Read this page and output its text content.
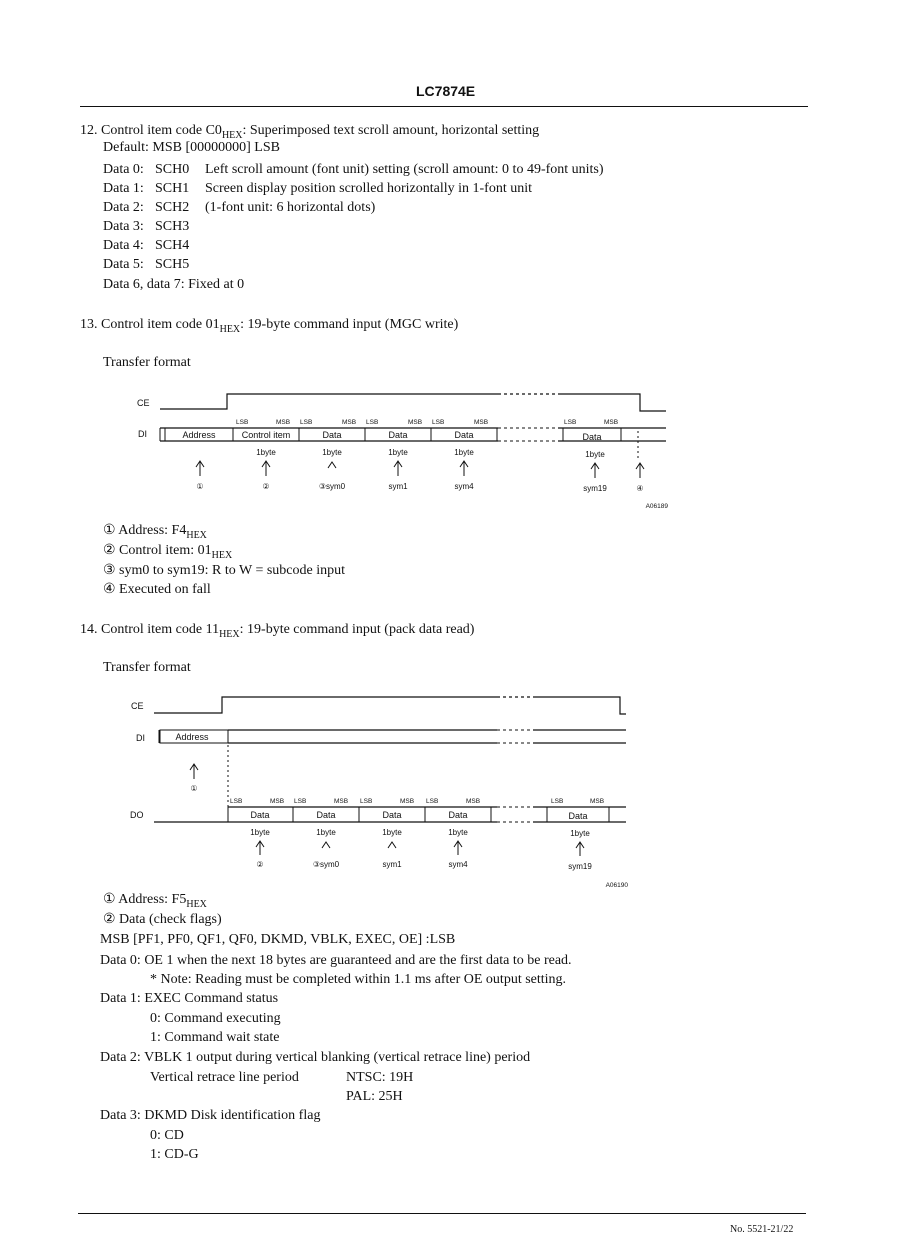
LC7874E
12. Control item code $C0_{HEX}$: Superimposed text scroll amount, horizontal setting
Default: MSB [00000000] LSB
Data 0: SCH0 Left scroll amount (font unit) setting (scroll amount: 0 to 49-font units)
Data 1: SCH1 Screen display position scrolled horizontally in 1-font unit
Data 2: SCH2 (1-font unit: 6 horizontal dots)
Data 3: SCH3
Data 4: SCH4
Data 5: SCH5
Data 6, data 7: Fixed at 0
13. Control item code $01_{HEX}$: 19-byte command input (MGC write)
Transfer format
CE
LSB	MSB LSB	MSB LSB	MSB LSB	MSB	LSB	MSB
DI	Address	Control item	Data	Data	Data	Data
1byte	1byte	1byte	1byte	1byte
①	②	③sym0	sym1	sym4	sym19	④
A06189
① Address: $F4_{HEX}$
② Control item: $01_{HEX}$
③ sym0 to sym19: R to W = subcode input
④ Executed on fall
14. Control item code $11_{HEX}$: 19-byte command input (pack data read)
Transfer format
CE
DI	Address
①
LSB	MSB LSB	MSB LSB	MSB LSB	MSB	LSB	MSB
DO	Data	Data	Data	Data	Data
1byte	1byte	1byte	1byte	1byte
②	③sym0	sym1	sym4	sym19
A06190
① Address: $F5_{HEX}$
② Data (check flags)
MSB [PF1, PF0, QF1, QF0, DKMD, VBLK, EXEC, OE] :LSB
Data 0: OE 1 when the next 18 bytes are guaranteed and are the first data to be read.
* Note: Reading must be completed within 1.1 ms after OE output setting.
Data 1: EXEC Command status
0: Command executing
1: Command wait state
Data 2: VBLK 1 output during vertical blanking (vertical retrace line) period
Vertical retrace line period	NTSC: 19H
PAL: 25H
Data 3: DKMD Disk identification flag
0: CD
1: CD-G
No. 5521-21/22
